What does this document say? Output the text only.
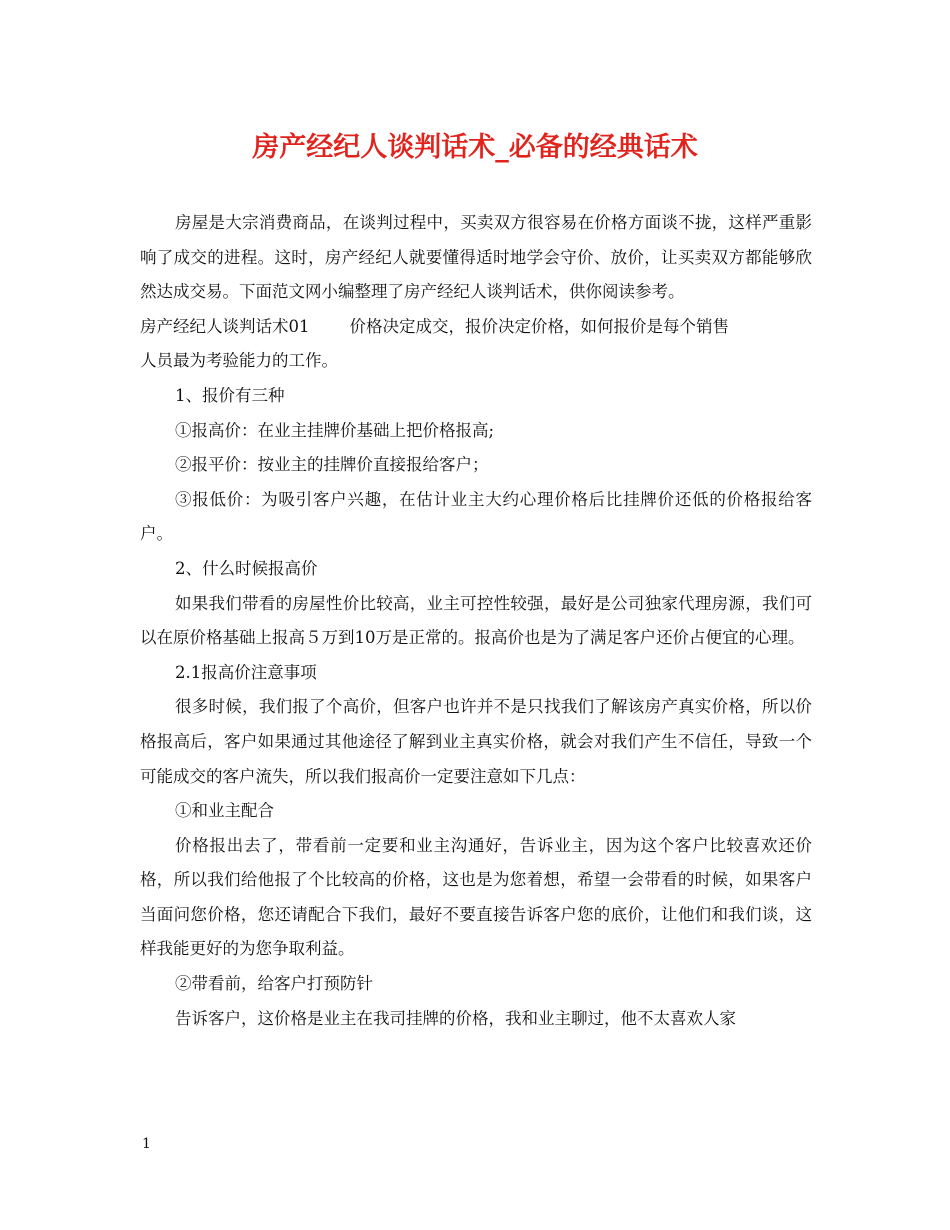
房产经纪人谈判话术_必备的经典话术

房屋是大宗消费商品，在谈判过程中，买卖双方很容易在价格方面谈不拢，这样严重影响了成交的进程。这时，房产经纪人就要懂得适时地学会守价、放价，让买卖双方都能够欣然达成交易。下面范文网小编整理了房产经纪人谈判话术，供你阅读参考。

房产经纪人谈判话术01 价格决定成交，报价决定价格，如何报价是每个销售

人员最为考验能力的工作。

1、报价有三种

①报高价：在业主挂牌价基础上把价格报高;

②报平价：按业主的挂牌价直接报给客户；

③报低价：为吸引客户兴趣，在估计业主大约心理价格后比挂牌价还低的价格报给客户。

2、什么时候报高价

如果我们带看的房屋性价比较高，业主可控性较强，最好是公司独家代理房源，我们可以在原价格基础上报高５万到10万是正常的。报高价也是为了满足客户还价占便宜的心理。

2.1报高价注意事项

很多时候，我们报了个高价，但客户也许并不是只找我们了解该房产真实价格，所以价格报高后，客户如果通过其他途径了解到业主真实价格，就会对我们产生不信任，导致一个可能成交的客户流失，所以我们报高价一定要注意如下几点：

①和业主配合

价格报出去了，带看前一定要和业主沟通好，告诉业主，因为这个客户比较喜欢还价格，所以我们给他报了个比较高的价格，这也是为您着想，希望一会带看的时候，如果客户当面问您价格，您还请配合下我们，最好不要直接告诉客户您的底价，让他们和我们谈，这样我能更好的为您争取利益。

②带看前，给客户打预防针

告诉客户，这价格是业主在我司挂牌的价格，我和业主聊过，他不太喜欢人家

1
